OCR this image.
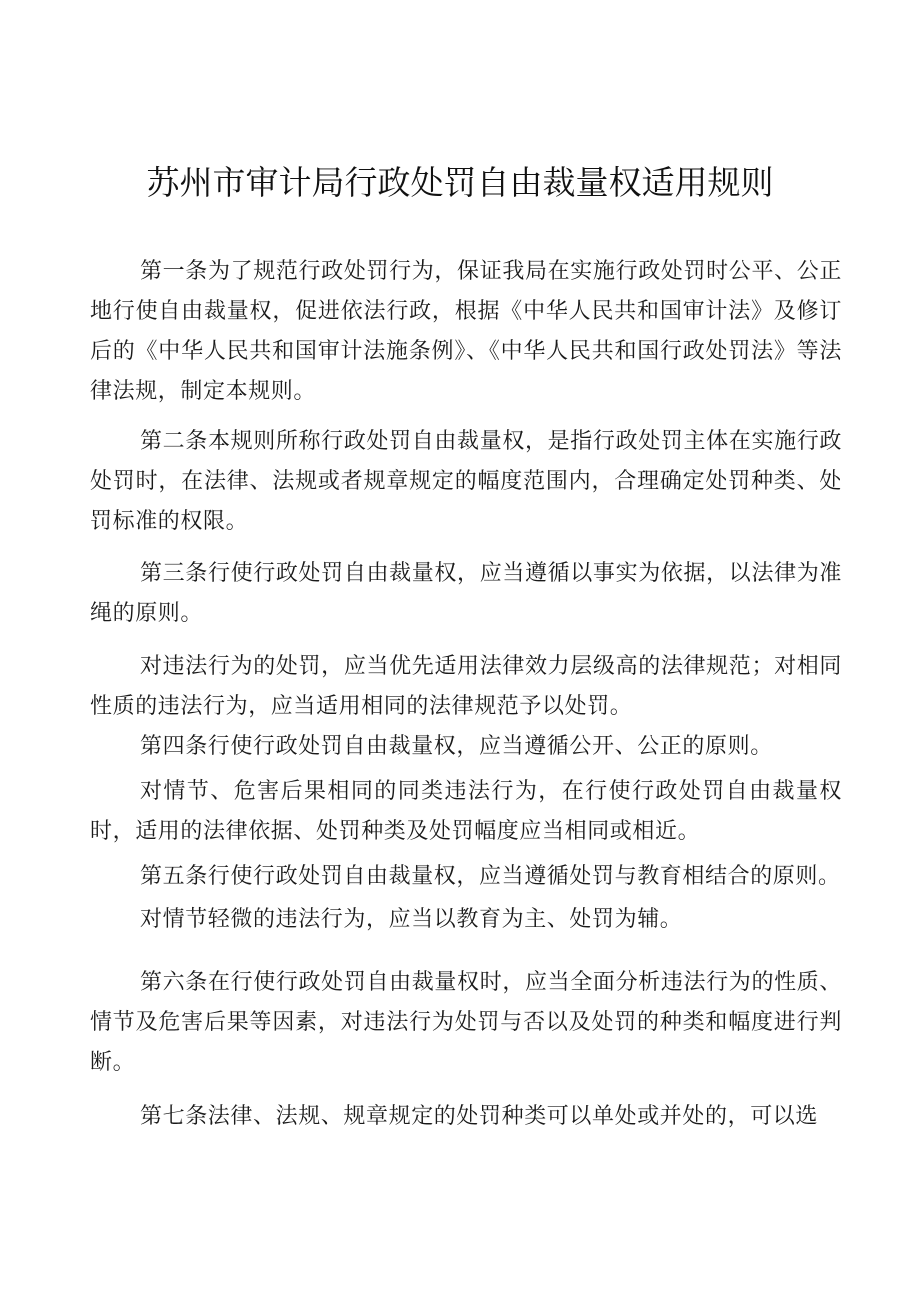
苏州市审计局行政处罚自由裁量权适用规则

第一条为了规范行政处罚行为，保证我局在实施行政处罚时公平、公正地行使自由裁量权，促进依法行政，根据《中华人民共和国审计法》及修订后的《中华人民共和国审计法施条例》、《中华人民共和国行政处罚法》等法律法规，制定本规则。

第二条本规则所称行政处罚自由裁量权，是指行政处罚主体在实施行政处罚时，在法律、法规或者规章规定的幅度范围内，合理确定处罚种类、处罚标准的权限。

第三条行使行政处罚自由裁量权，应当遵循以事实为依据，以法律为准绳的原则。

对违法行为的处罚，应当优先适用法律效力层级高的法律规范；对相同性质的违法行为，应当适用相同的法律规范予以处罚。

第四条行使行政处罚自由裁量权，应当遵循公开、公正的原则。

对情节、危害后果相同的同类违法行为，在行使行政处罚自由裁量权时，适用的法律依据、处罚种类及处罚幅度应当相同或相近。

第五条行使行政处罚自由裁量权，应当遵循处罚与教育相结合的原则。

对情节轻微的违法行为，应当以教育为主、处罚为辅。

第六条在行使行政处罚自由裁量权时，应当全面分析违法行为的性质、情节及危害后果等因素，对违法行为处罚与否以及处罚的种类和幅度进行判断。

第七条法律、法规、规章规定的处罚种类可以单处或并处的，可以选
